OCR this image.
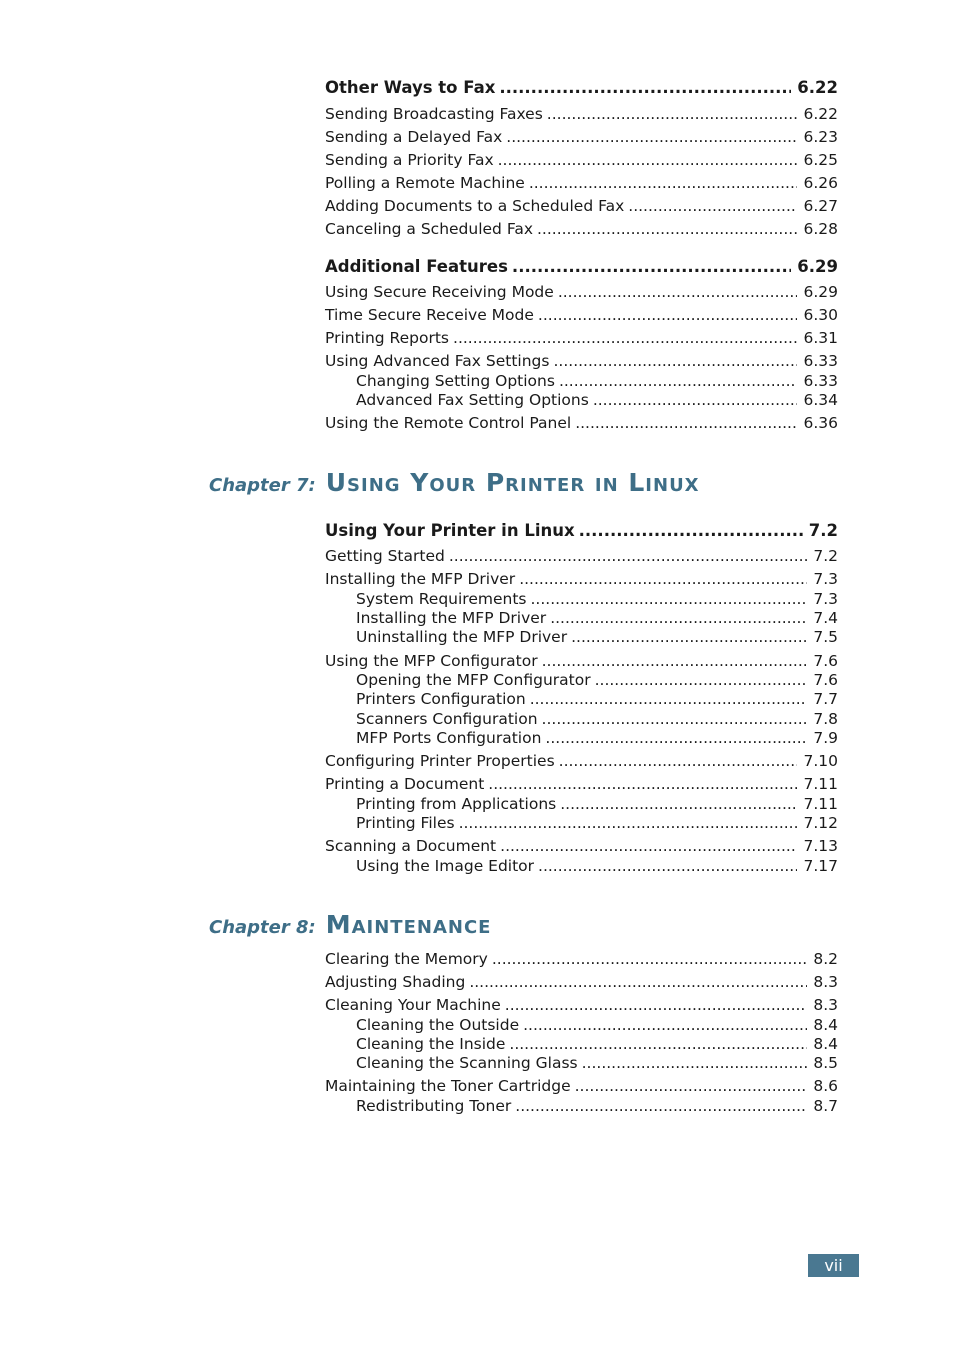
Other Ways to Fax .....	6.22
Sending Broadcasting Faxes .....	6.22
Sending a Delayed Fax .....	6.23
Sending a Priority Fax .....	6.25
Polling a Remote Machine .....	6.26
Adding Documents to a Scheduled Fax .....	6.27
Canceling a Scheduled Fax .....	6.28
Additional Features .....	6.29
Using Secure Receiving Mode .....	6.29
Time Secure Receive Mode .....	6.30
Printing Reports .....	6.31
Using Advanced Fax Settings .....	6.33
Changing Setting Options .....	6.33
Advanced Fax Setting Options .....	6.34
Using the Remote Control Panel .....	6.36
Chapter 7: Using Your Printer in Linux
Using Your Printer in Linux .....	7.2
Getting Started .....	7.2
Installing the MFP Driver .....	7.3
System Requirements .....	7.3
Installing the MFP Driver .....	7.4
Uninstalling the MFP Driver .....	7.5
Using the MFP Configurator .....	7.6
Opening the MFP Configurator .....	7.6
Printers Configuration .....	7.7
Scanners Configuration .....	7.8
MFP Ports Configuration .....	7.9
Configuring Printer Properties .....	7.10
Printing a Document .....	7.11
Printing from Applications .....	7.11
Printing Files .....	7.12
Scanning a Document .....	7.13
Using the Image Editor .....	7.17
Chapter 8: Maintenance
Clearing the Memory .....	8.2
Adjusting Shading .....	8.3
Cleaning Your Machine .....	8.3
Cleaning the Outside .....	8.4
Cleaning the Inside .....	8.4
Cleaning the Scanning Glass .....	8.5
Maintaining the Toner Cartridge .....	8.6
Redistributing Toner .....	8.7
vii
